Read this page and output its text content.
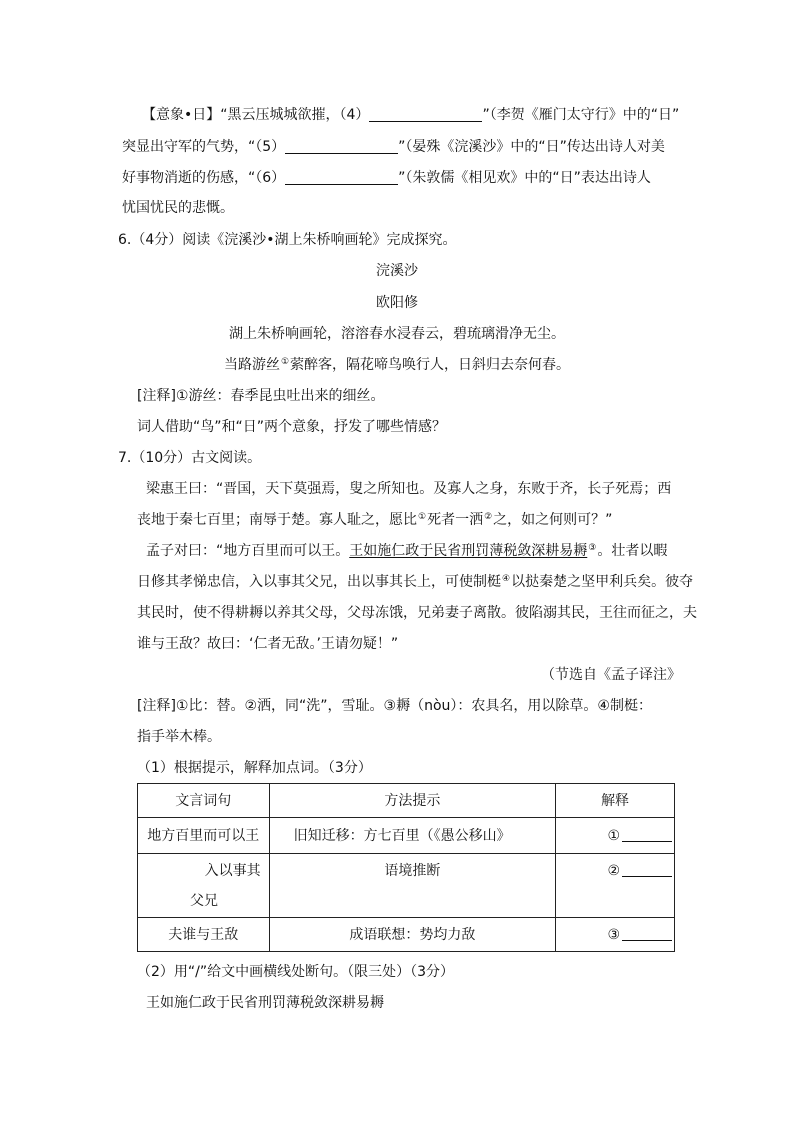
【意象•日】“黑云压城城欲摧，（4）	”（李贺《雁门太守行》中的“日”
突显出守军的气势，“（5）	”（晏殊《浣溪沙》中的“日”传达出诗人对美
好事物消逝的伤感，“（6）	”（朱敦儒《相见欢》中的“日”表达出诗人
忧国忧民的悲慨。
6.（4分）阅读《浣溪沙•湖上朱桥响画轮》完成探究。
浣溪沙
欧阳修
湖上朱桥响画轮，溶溶春水浸春云，碧琉璃滑净无尘。
当路游丝①萦醉客，隔花啼鸟唤行人，日斜归去奈何春。
[注释]①游丝：春季昆虫吐出来的细丝。
词人借助“鸟”和“日”两个意象，抒发了哪些情感？
7.（10分）古文阅读。
梁惠王曰：“晋国，天下莫强焉，叟之所知也。及寡人之身，东败于齐，长子死焉；西
丧地于秦七百里；南辱于楚。寡人耻之，愿比①死者一洒②之，如之何则可？”
孟子对曰：“地方百里而可以王。王如施仁政于民省刑罚薄税敛深耕易耨③。壮者以暇
日修其孝悌忠信，入以事其父兄，出以事其长上，可使制梃④以挞秦楚之坚甲利兵矣。彼夺
其民时，使不得耕耨以养其父母，父母冻饿，兄弟妻子离散。彼陷溺其民，王往而征之，夫
谁与王敌？故曰：‘仁者无敌。’王请勿疑！”
（节选自《孟子译注》
[注释]①比：替。②洒，同“洗”，雪耻。③耨（nòu）：农具名，用以除草。④制梃：
指手举木棒。
（1）根据提示，解释加点词。（3分）
文言词句	方法提示	解释
地方百里而可以王	旧知迁移：方七百里（《愚公移山》	①

入以事其
父兄	语境推断	②
夫谁与王敌	成语联想：势均力敌	③
（2）用“/”给文中画横线处断句。（限三处）（3分）
王如施仁政于民省刑罚薄税敛深耕易耨
